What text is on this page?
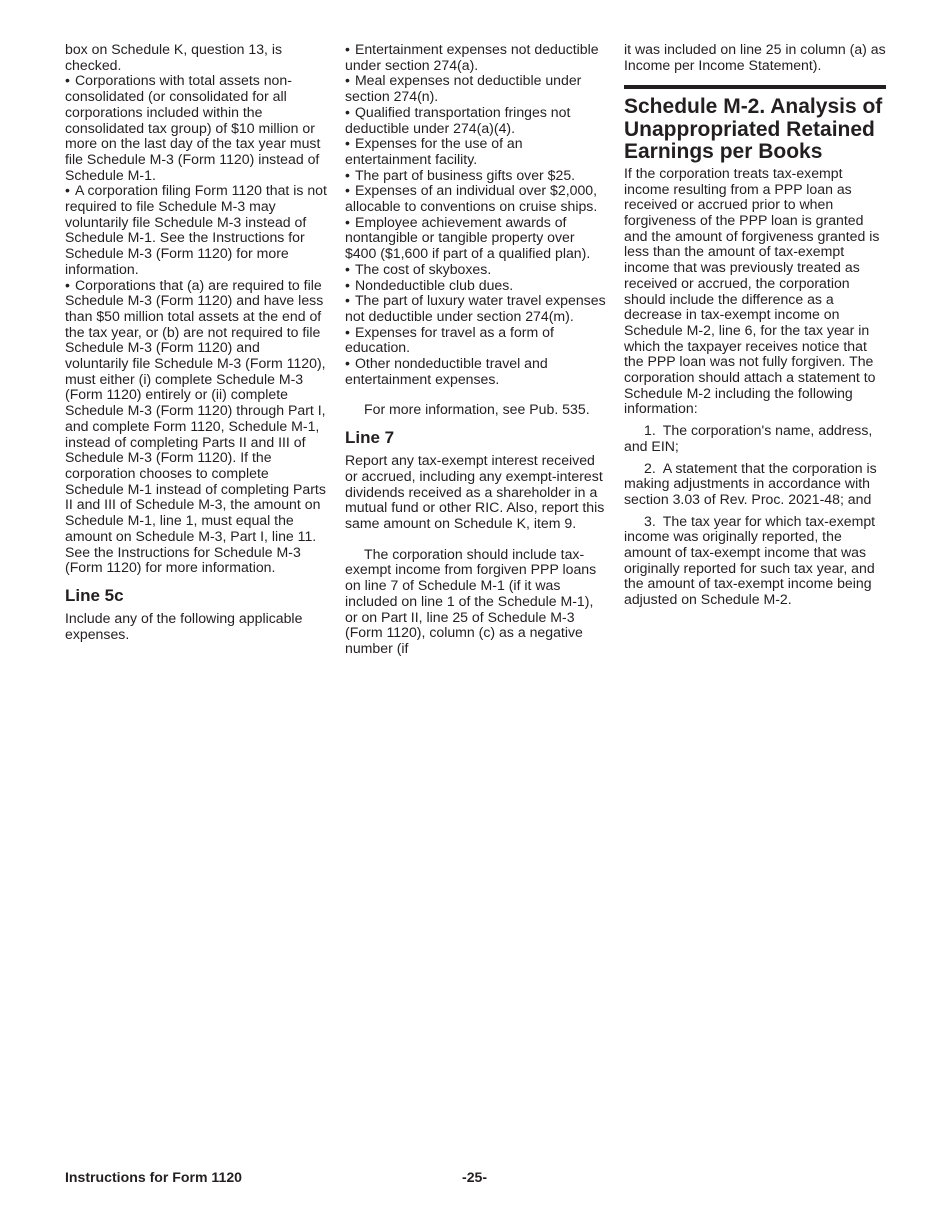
box on Schedule K, question 13, is checked.

• Corporations with total assets non-consolidated (or consolidated for all corporations included within the consolidated tax group) of $10 million or more on the last day of the tax year must file Schedule M-3 (Form 1120) instead of Schedule M-1.

• A corporation filing Form 1120 that is not required to file Schedule M-3 may voluntarily file Schedule M-3 instead of Schedule M-1. See the Instructions for Schedule M-3 (Form 1120) for more information.

• Corporations that (a) are required to file Schedule M-3 (Form 1120) and have less than $50 million total assets at the end of the tax year, or (b) are not required to file Schedule M-3 (Form 1120) and voluntarily file Schedule M-3 (Form 1120), must either (i) complete Schedule M-3 (Form 1120) entirely or (ii) complete Schedule M-3 (Form 1120) through Part I, and complete Form 1120, Schedule M-1, instead of completing Parts II and III of Schedule M-3 (Form 1120). If the corporation chooses to complete Schedule M-1 instead of completing Parts II and III of Schedule M-3, the amount on Schedule M-1, line 1, must equal the amount on Schedule M-3, Part I, line 11. See the Instructions for Schedule M-3 (Form 1120) for more information.

Line 5c

Include any of the following applicable expenses.

• Entertainment expenses not deductible under section 274(a).

• Meal expenses not deductible under section 274(n).

• Qualified transportation fringes not deductible under 274(a)(4).

• Expenses for the use of an entertainment facility.

• The part of business gifts over $25.

• Expenses of an individual over $2,000, allocable to conventions on cruise ships.

• Employee achievement awards of nontangible or tangible property over $400 ($1,600 if part of a qualified plan).

• The cost of skyboxes.

• Nondeductible club dues.

• The part of luxury water travel expenses not deductible under section 274(m).

• Expenses for travel as a form of education.

• Other nondeductible travel and entertainment expenses.

For more information, see Pub. 535.

Line 7

Report any tax-exempt interest received or accrued, including any exempt-interest dividends received as a shareholder in a mutual fund or other RIC. Also, report this same amount on Schedule K, item 9.

The corporation should include tax-exempt income from forgiven PPP loans on line 7 of Schedule M-1 (if it was included on line 1 of the Schedule M-1), or on Part II, line 25 of Schedule M-3 (Form 1120), column (c) as a negative number (if

it was included on line 25 in column (a) as Income per Income Statement).

Schedule M-2. Analysis of Unappropriated Retained Earnings per Books

If the corporation treats tax-exempt income resulting from a PPP loan as received or accrued prior to when forgiveness of the PPP loan is granted and the amount of forgiveness granted is less than the amount of tax-exempt income that was previously treated as received or accrued, the corporation should include the difference as a decrease in tax-exempt income on Schedule M-2, line 6, for the tax year in which the taxpayer receives notice that the PPP loan was not fully forgiven. The corporation should attach a statement to Schedule M-2 including the following information:

1. The corporation's name, address, and EIN;

2. A statement that the corporation is making adjustments in accordance with section 3.03 of Rev. Proc. 2021-48; and

3. The tax year for which tax-exempt income was originally reported, the amount of tax-exempt income that was originally reported for such tax year, and the amount of tax-exempt income being adjusted on Schedule M-2.

Instructions for Form 1120	-25-
